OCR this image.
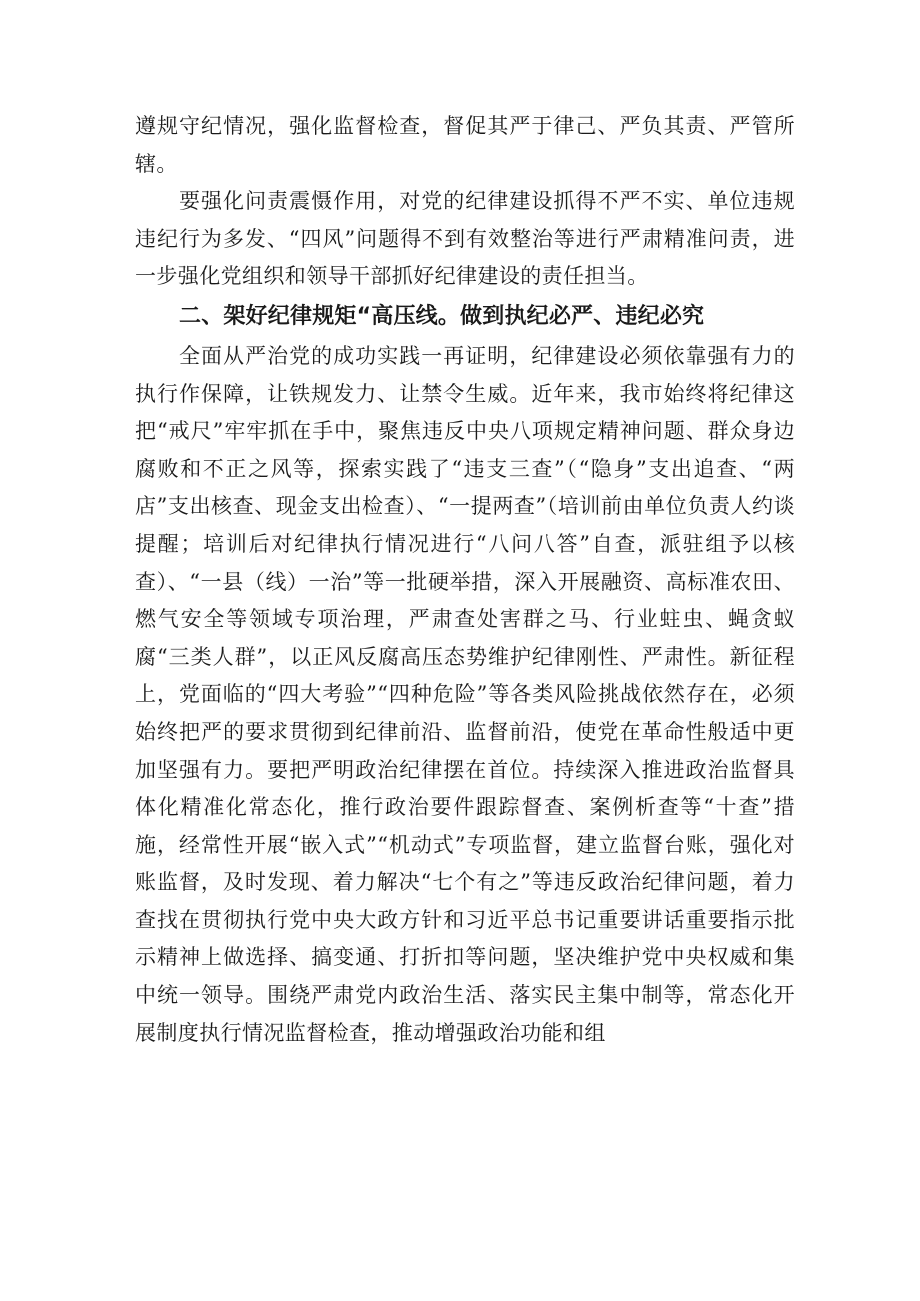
遵规守纪情况，强化监督检查，督促其严于律己、严负其责、严管所辖。

要强化问责震慑作用，对党的纪律建设抓得不严不实、单位违规违纪行为多发、“四风”问题得不到有效整治等进行严肃精准问责，进一步强化党组织和领导干部抓好纪律建设的责任担当。

二、架好纪律规矩“高压线。做到执纪必严、违纪必究

全面从严治党的成功实践一再证明，纪律建设必须依靠强有力的执行作保障，让铁规发力、让禁令生威。近年来，我市始终将纪律这把“戒尺”牢牢抓在手中，聚焦违反中央八项规定精神问题、群众身边腐败和不正之风等，探索实践了“违支三查”（“隐身”支出追查、“两店”支出核查、现金支出检查）、“一提两查”（培训前由单位负责人约谈提醒；培训后对纪律执行情况进行“八问八答”自查，派驻组予以核查）、“一县（线）一治”等一批硬举措，深入开展融资、高标准农田、燃气安全等领域专项治理，严肃查处害群之马、行业蛀虫、蝇贪蚁腐“三类人群”，以正风反腐高压态势维护纪律刚性、严肃性。新征程上，党面临的“四大考验”“四种危险”等各类风险挑战依然存在，必须始终把严的要求贯彻到纪律前沿、监督前沿，使党在革命性般适中更加坚强有力。要把严明政治纪律摆在首位。持续深入推进政治监督具体化精准化常态化，推行政治要件跟踪督查、案例析查等“十查”措施，经常性开展“嵌入式”“机动式”专项监督，建立监督台账，强化对账监督，及时发现、着力解决“七个有之”等违反政治纪律问题，着力查找在贯彻执行党中央大政方针和习近平总书记重要讲话重要指示批示精神上做选择、搞变通、打折扣等问题，坚决维护党中央权威和集中统一领导。围绕严肃党内政治生活、落实民主集中制等，常态化开展制度执行情况监督检查，推动增强政治功能和组
